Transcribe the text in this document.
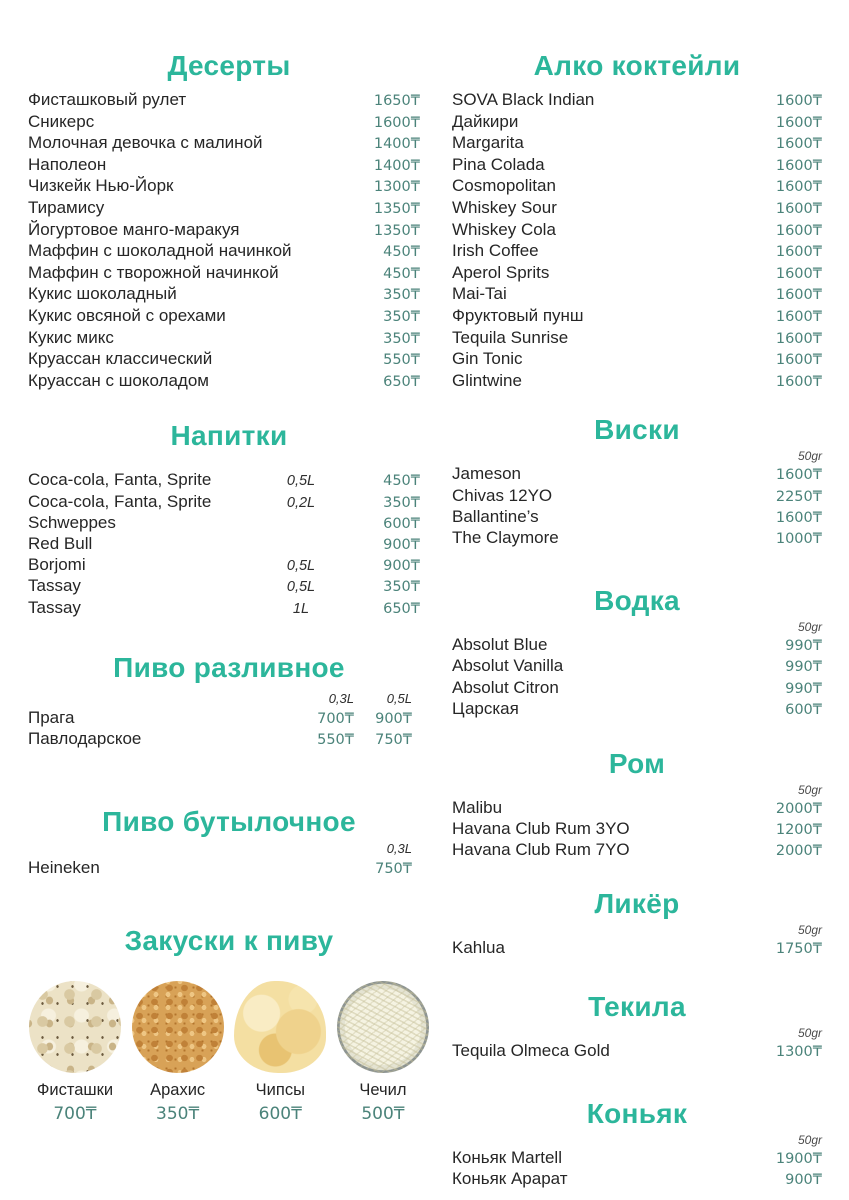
Десерты
Фисташковый рулет	1650₸
Сникерс	1600₸
Молочная девочка с малиной	1400₸
Наполеон	1400₸
Чизкейк Нью-Йорк	1300₸
Тирамису	1350₸
Йогуртовое манго-маракуя	1350₸
Маффин с шоколадной начинкой	450₸
Маффин с творожной начинкой	450₸
Кукис шоколадный	350₸
Кукис овсяной с орехами	350₸
Кукис микс	350₸
Круассан классический	550₸
Круассан с шоколадом	650₸
Напитки
Coca-cola, Fanta, Sprite	0,5L	450₸
Coca-cola, Fanta, Sprite	0,2L	350₸
Schweppes	600₸
Red Bull	900₸
Borjomi	0,5L	900₸
Tassay	0,5L	350₸
Tassay	1L	650₸
Пиво разливное
0,3L	0,5L
Прага	700₸	900₸
Павлодарское	550₸	750₸
Пиво бутылочное
0,3L
Heineken	750₸
Закуски к пиву
Фисташки
700₸
Арахис
350₸
Чипсы
600₸
Чечил
500₸
Алко коктейли
SOVA Black Indian	1600₸
Дайкири	1600₸
Margarita	1600₸
Pina Colada	1600₸
Cosmopolitan	1600₸
Whiskey Sour	1600₸
Whiskey Cola	1600₸
Irish Coffee	1600₸
Aperol Sprits	1600₸
Mai-Tai	1600₸
Фруктовый пунш	1600₸
Tequila Sunrise	1600₸
Gin Tonic	1600₸
Glintwine	1600₸
Виски
50gr
Jameson	1600₸
Chivas 12YO	2250₸
Ballantine’s	1600₸
The Claymore	1000₸
Водка
50gr
Absolut Blue	990₸
Absolut Vanilla	990₸
Absolut Citron	990₸
Царская	600₸
Ром
50gr
Malibu	2000₸
Havana Club Rum 3YO	1200₸
Havana Club Rum 7YO	2000₸
Ликёр
50gr
Kahlua	1750₸
Текила
50gr
Tequila Olmeca Gold	1300₸
Коньяк
50gr
Коньяк Martell	1900₸
Коньяк Арарат	900₸
